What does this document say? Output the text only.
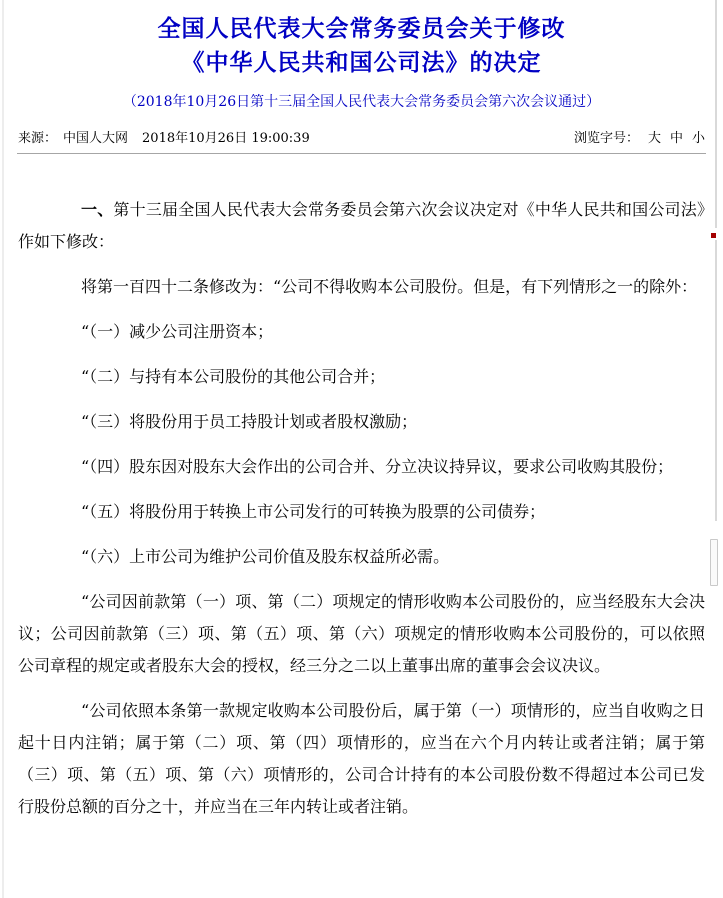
全国人民代表大会常务委员会关于修改
《中华人民共和国公司法》的决定
（2018年10月26日第十三届全国人民代表大会常务委员会第六次会议通过）
来源： 中国人大网 2018年10月26日 19:00:39	浏览字号： 大 中 小

一、第十三届全国人民代表大会常务委员会第六次会议决定对《中华人民共和国公司法》作如下修改：

将第一百四十二条修改为：“公司不得收购本公司股份。但是，有下列情形之一的除外：

“（一）减少公司注册资本；

“（二）与持有本公司股份的其他公司合并；

“（三）将股份用于员工持股计划或者股权激励；

“（四）股东因对股东大会作出的公司合并、分立决议持异议，要求公司收购其股份；

“（五）将股份用于转换上市公司发行的可转换为股票的公司债券；

“（六）上市公司为维护公司价值及股东权益所必需。

“公司因前款第（一）项、第（二）项规定的情形收购本公司股份的，应当经股东大会决议；公司因前款第（三）项、第（五）项、第（六）项规定的情形收购本公司股份的，可以依照公司章程的规定或者股东大会的授权，经三分之二以上董事出席的董事会会议决议。

“公司依照本条第一款规定收购本公司股份后，属于第（一）项情形的，应当自收购之日起十日内注销；属于第（二）项、第（四）项情形的，应当在六个月内转让或者注销；属于第（三）项、第（五）项、第（六）项情形的，公司合计持有的本公司股份数不得超过本公司已发行股份总额的百分之十，并应当在三年内转让或者注销。
